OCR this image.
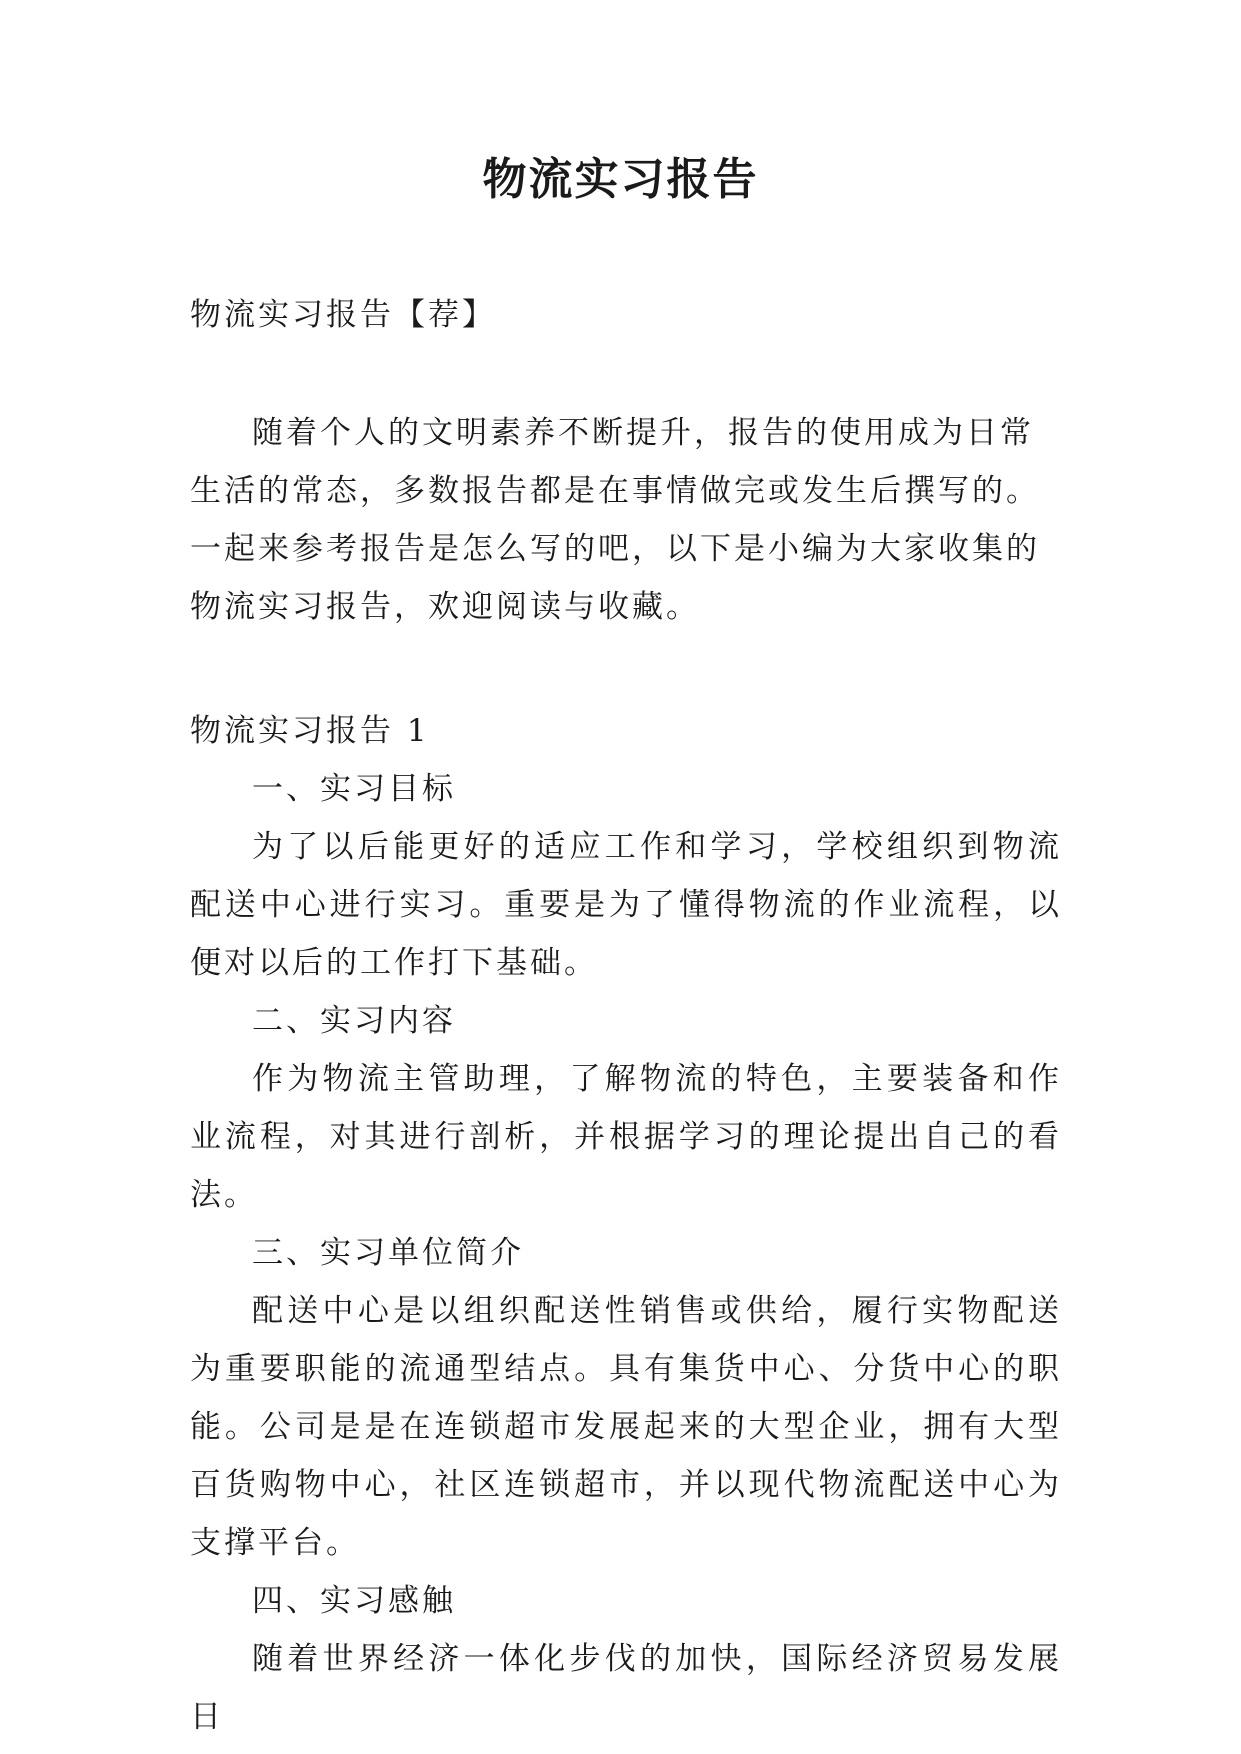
物流实习报告

物流实习报告【荐】

随着个人的文明素养不断提升，报告的使用成为日常生活的常态，多数报告都是在事情做完或发生后撰写的。一起来参考报告是怎么写的吧，以下是小编为大家收集的物流实习报告，欢迎阅读与收藏。

物流实习报告 1

一、实习目标

为了以后能更好的适应工作和学习，学校组织到物流配送中心进行实习。重要是为了懂得物流的作业流程，以便对以后的工作打下基础。

二、实习内容

作为物流主管助理，了解物流的特色，主要装备和作业流程，对其进行剖析，并根据学习的理论提出自己的看法。

三、实习单位简介

配送中心是以组织配送性销售或供给，履行实物配送为重要职能的流通型结点。具有集货中心、分货中心的职能。公司是是在连锁超市发展起来的大型企业，拥有大型百货购物中心，社区连锁超市，并以现代物流配送中心为支撑平台。

四、实习感触

随着世界经济一体化步伐的加快，国际经济贸易发展日
